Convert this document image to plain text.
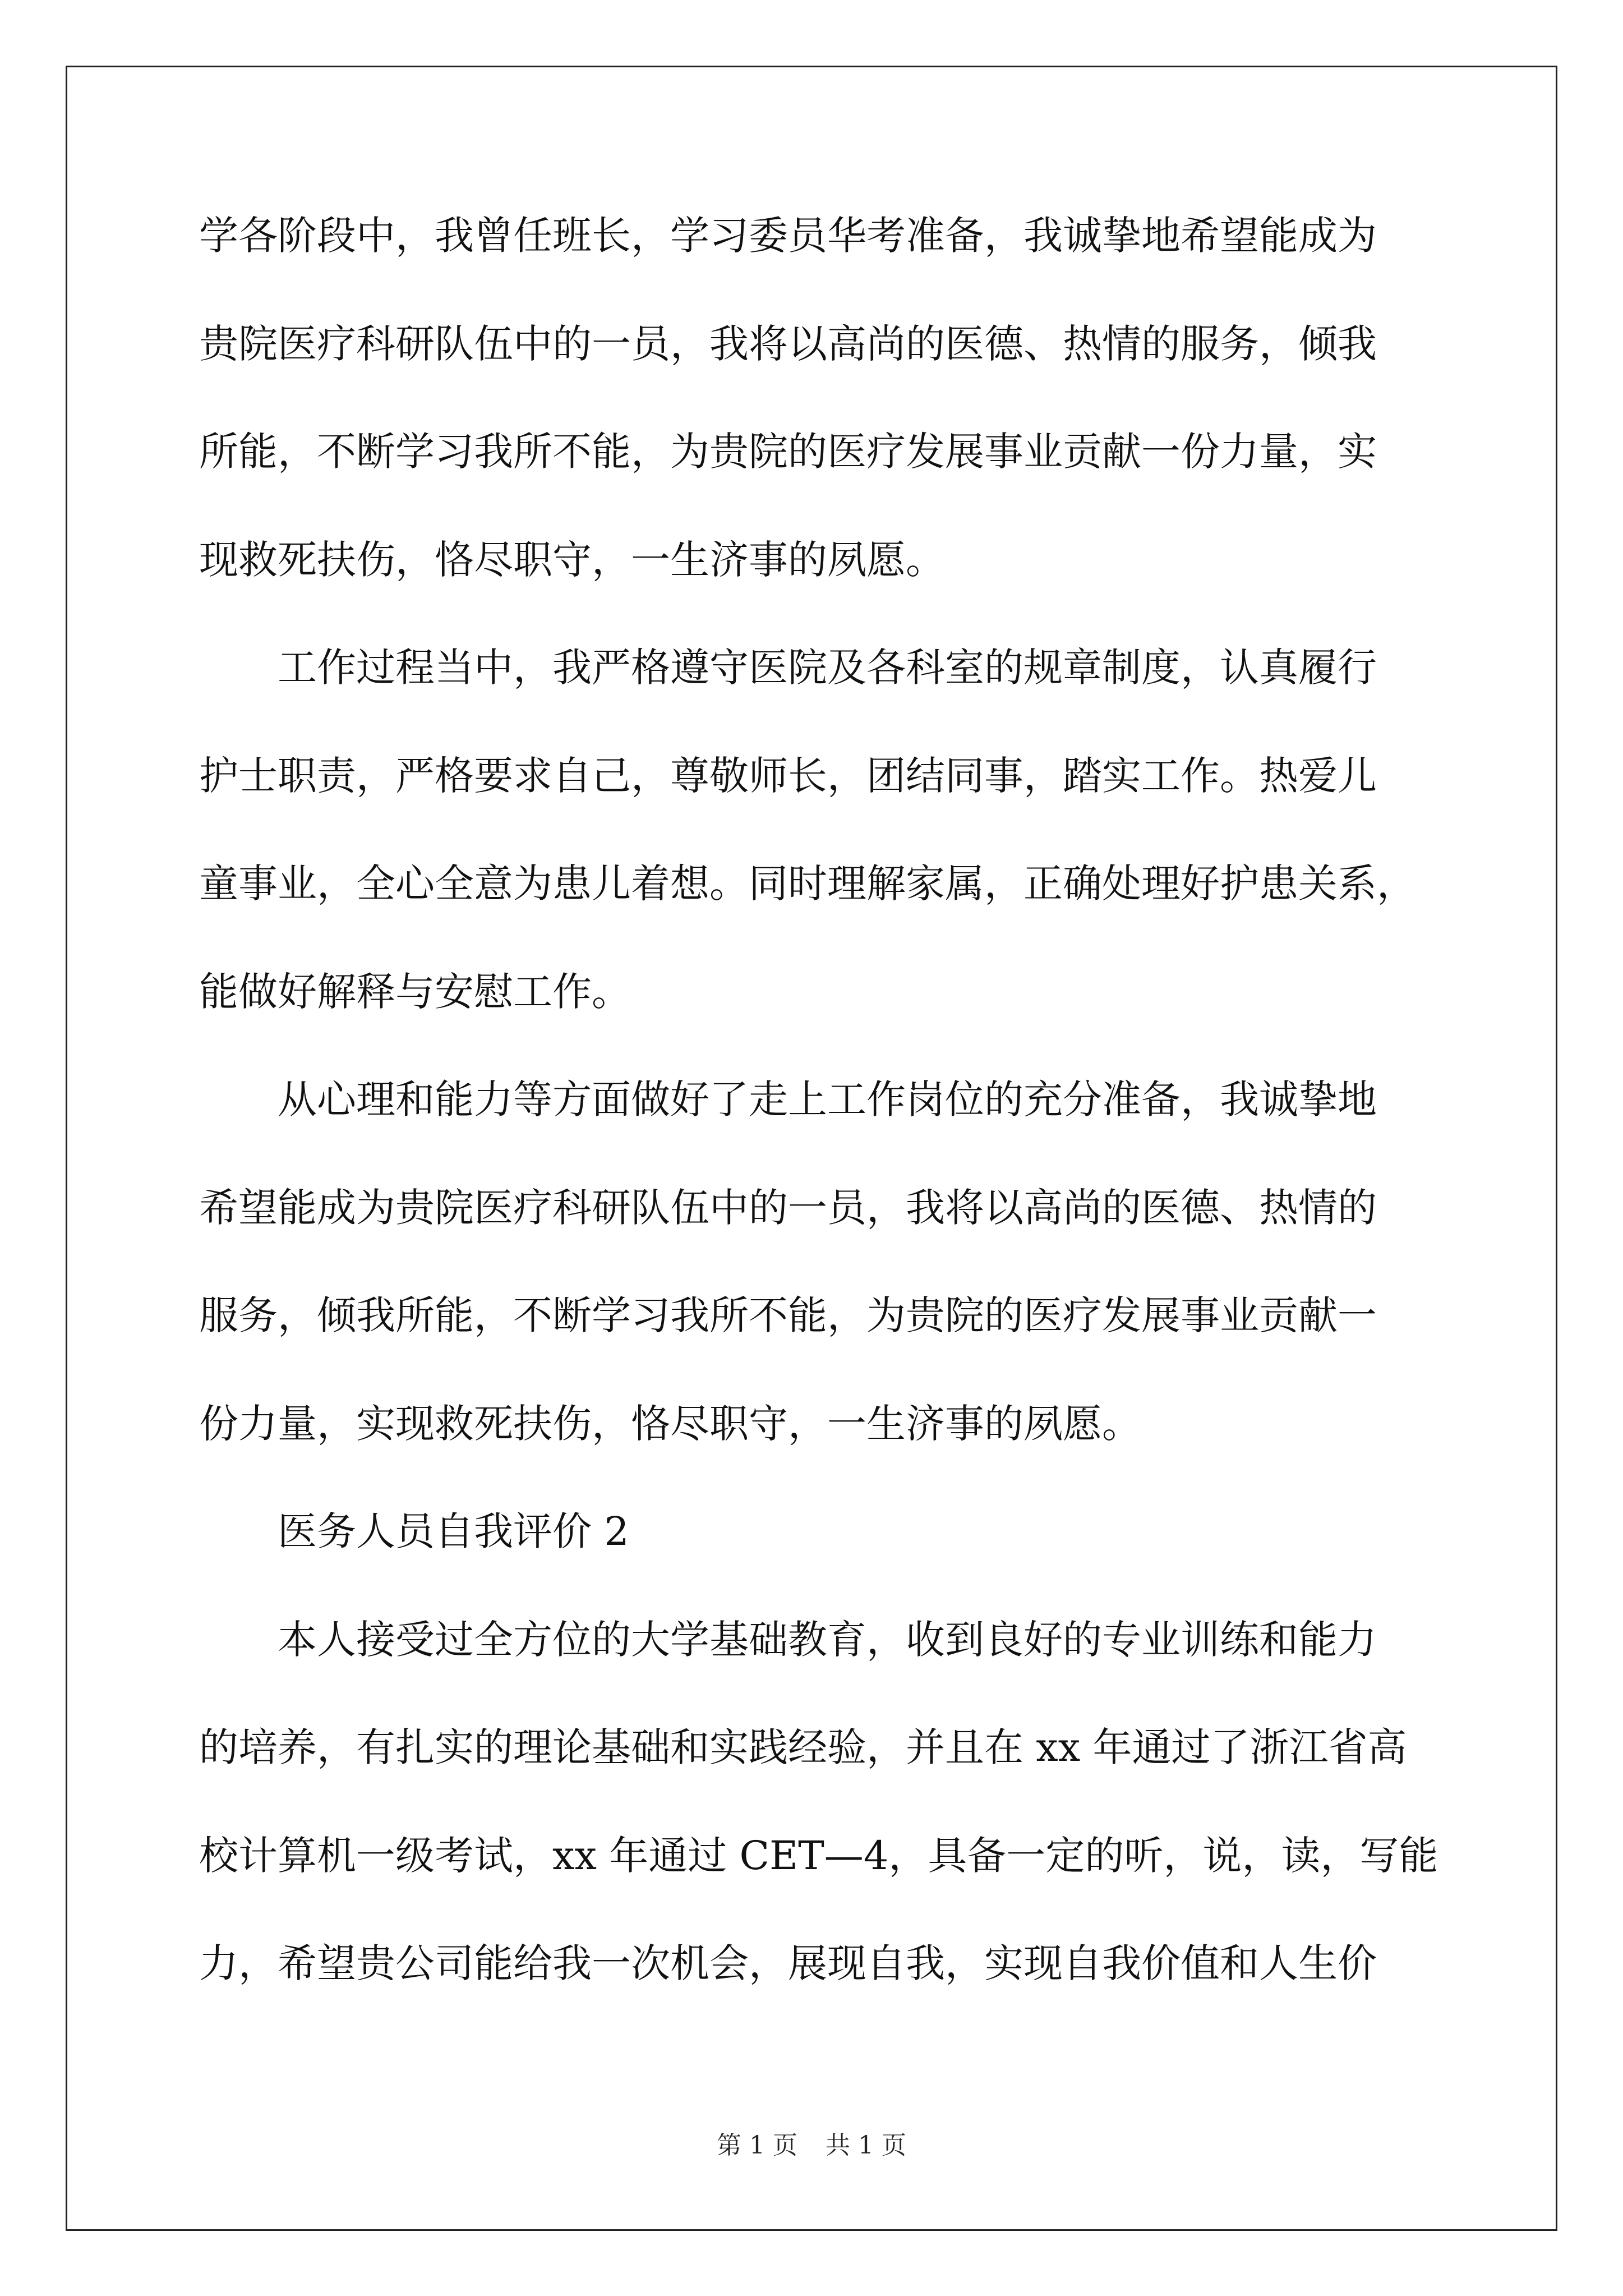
学各阶段中，我曾任班长，学习委员华考准备，我诚挚地希望能成为
贵院医疗科研队伍中的一员，我将以高尚的医德、热情的服务，倾我
所能，不断学习我所不能，为贵院的医疗发展事业贡献一份力量，实
现救死扶伤，恪尽职守，一生济事的夙愿。
工作过程当中，我严格遵守医院及各科室的规章制度，认真履行
护士职责，严格要求自己，尊敬师长，团结同事，踏实工作。热爱儿
童事业，全心全意为患儿着想。同时理解家属，正确处理好护患关系，
能做好解释与安慰工作。
从心理和能力等方面做好了走上工作岗位的充分准备，我诚挚地
希望能成为贵院医疗科研队伍中的一员，我将以高尚的医德、热情的
服务，倾我所能，不断学习我所不能，为贵院的医疗发展事业贡献一
份力量，实现救死扶伤，恪尽职守，一生济事的夙愿。
医务人员自我评价 2
本人接受过全方位的大学基础教育，收到良好的专业训练和能力
的培养，有扎实的理论基础和实践经验，并且在 xx 年通过了浙江省高
校计算机一级考试，xx 年通过 CET—4，具备一定的听，说，读，写能
力，希望贵公司能给我一次机会，展现自我，实现自我价值和人生价
第 1 页 共 1 页
